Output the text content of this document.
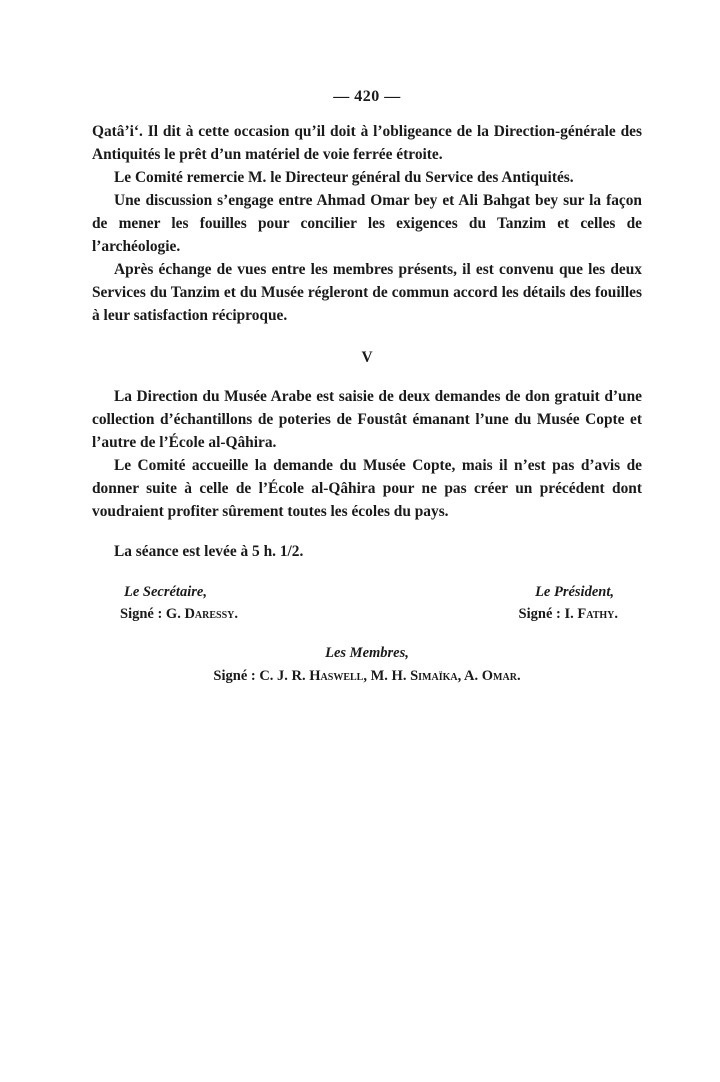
— 420 —

Qatâ’i‘. Il dit à cette occasion qu’il doit à l’obligeance de la Direction-générale des Antiquités le prêt d’un matériel de voie ferrée étroite.

Le Comité remercie M. le Directeur général du Service des Antiquités.

Une discussion s’engage entre Ahmad Omar bey et Ali Bahgat bey sur la façon de mener les fouilles pour concilier les exigences du Tanzim et celles de l’archéologie.

Après échange de vues entre les membres présents, il est convenu que les deux Services du Tanzim et du Musée régleront de commun accord les détails des fouilles à leur satisfaction réciproque.

V

La Direction du Musée Arabe est saisie de deux demandes de don gratuit d’une collection d’échantillons de poteries de Foustât émanant l’une du Musée Copte et l’autre de l’École al-Qâhira.

Le Comité accueille la demande du Musée Copte, mais il n’est pas d’avis de donner suite à celle de l’École al-Qâhira pour ne pas créer un précédent dont voudraient profiter sûrement toutes les écoles du pays.

La séance est levée à 5 h. 1/2.

Le Secrétaire,
Signé : G. Daressy.
Le Président,
Signé : I. Fathy.
Les Membres,
Signé : C. J. R. Haswell, M. H. Simaïka, A. Omar.
